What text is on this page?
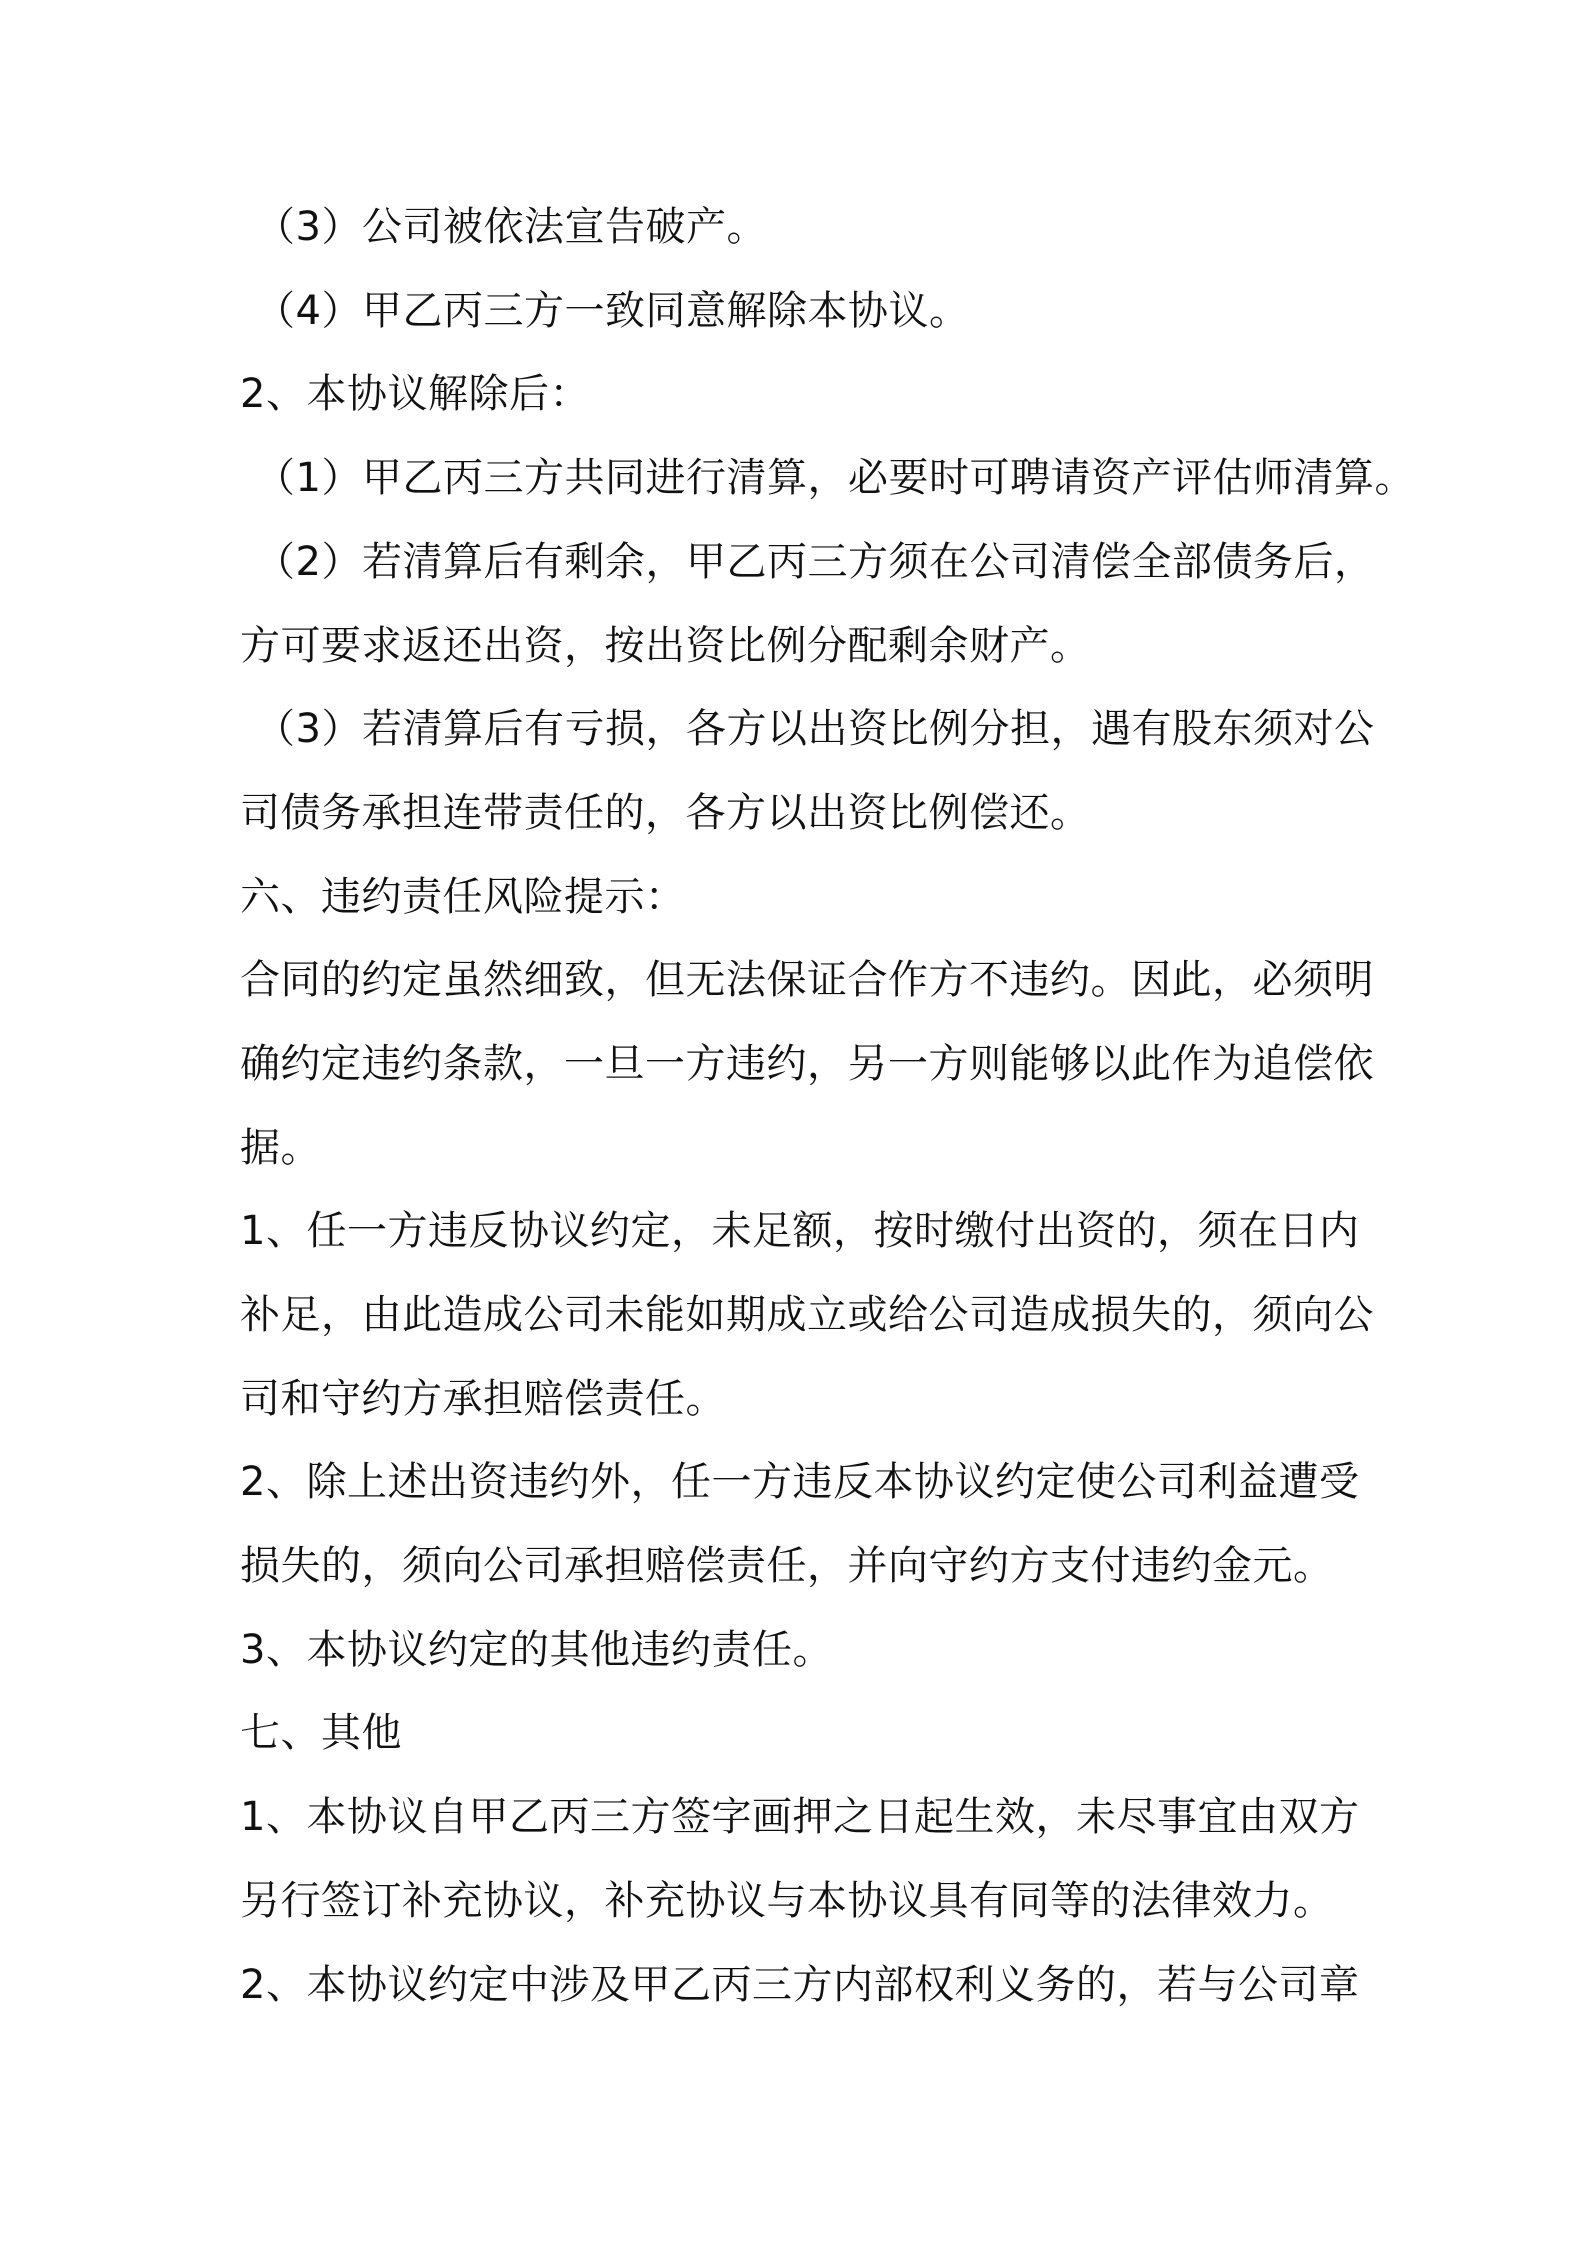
（3）公司被依法宣告破产。
（4）甲乙丙三方一致同意解除本协议。
2、本协议解除后：
（1）甲乙丙三方共同进行清算，必要时可聘请资产评估师清算。
（2）若清算后有剩余，甲乙丙三方须在公司清偿全部债务后，
方可要求返还出资，按出资比例分配剩余财产。
（3）若清算后有亏损，各方以出资比例分担，遇有股东须对公
司债务承担连带责任的，各方以出资比例偿还。
六、违约责任风险提示：
合同的约定虽然细致，但无法保证合作方不违约。因此，必须明
确约定违约条款，一旦一方违约，另一方则能够以此作为追偿依
据。
1、任一方违反协议约定，未足额，按时缴付出资的，须在日内
补足，由此造成公司未能如期成立或给公司造成损失的，须向公
司和守约方承担赔偿责任。
2、除上述出资违约外，任一方违反本协议约定使公司利益遭受
损失的，须向公司承担赔偿责任，并向守约方支付违约金元。
3、本协议约定的其他违约责任。
七、其他
1、本协议自甲乙丙三方签字画押之日起生效，未尽事宜由双方
另行签订补充协议，补充协议与本协议具有同等的法律效力。
2、本协议约定中涉及甲乙丙三方内部权利义务的，若与公司章
